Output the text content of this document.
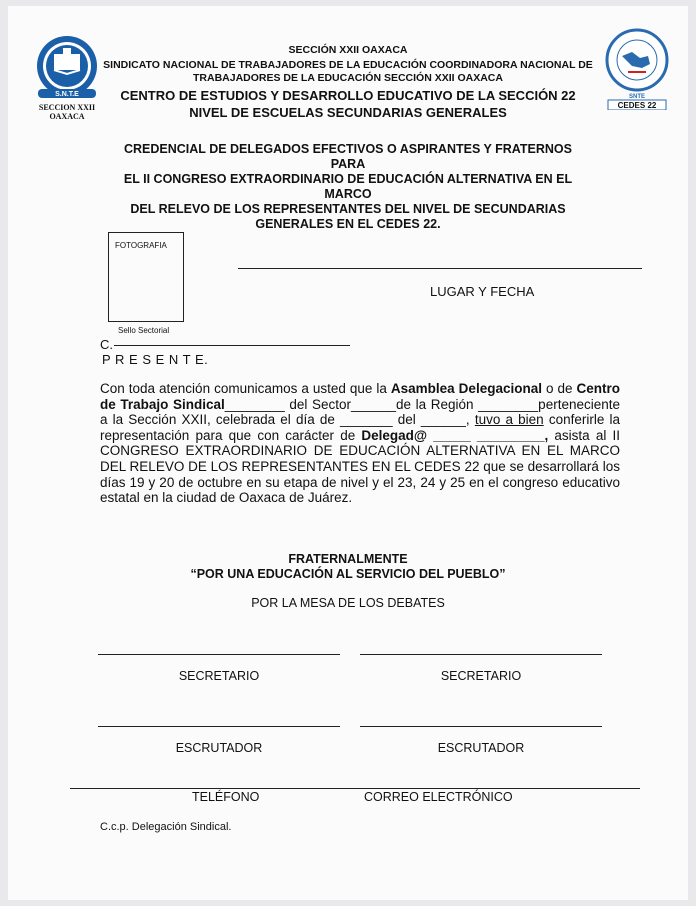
S.N.T.E
SECCION XXII
OAXACA
SNTE
CEDES 22
SECCIÓN XXII OAXACA
SINDICATO NACIONAL DE TRABAJADORES DE LA EDUCACIÓN COORDINADORA NACIONAL DE
TRABAJADORES DE LA EDUCACIÓN SECCIÓN XXII OAXACA
CENTRO DE ESTUDIOS Y DESARROLLO EDUCATIVO DE LA SECCIÓN 22
NIVEL DE ESCUELAS SECUNDARIAS GENERALES
CREDENCIAL DE DELEGADOS EFECTIVOS O ASPIRANTES Y FRATERNOS PARA
EL II CONGRESO EXTRAORDINARIO DE EDUCACIÓN ALTERNATIVA EN EL MARCO
DEL RELEVO DE LOS REPRESENTANTES DEL NIVEL DE SECUNDARIAS
GENERALES EN EL CEDES 22.
FOTOGRAFIA
LUGAR Y FECHA
Sello Sectorial
C.
P R E S E N T E.
Con toda atención comunicamos a usted que la Asamblea Delegacional o de Centro de Trabajo Sindical________ del Sector______de la Región ________perteneciente a la Sección XXII, celebrada el día de _______ del ______, tuvo a bien conferirle la representación para que con carácter de Delegad@ _____ _________, asista al II CONGRESO EXTRAORDINARIO DE EDUCACIÓN ALTERNATIVA EN EL MARCO DEL RELEVO DE LOS REPRESENTANTES EN EL CEDES 22 que se desarrollará los días 19 y 20 de octubre en su etapa de nivel y el 23, 24 y 25 en el congreso educativo estatal en la ciudad de Oaxaca de Juárez.
FRATERNALMENTE
“POR UNA EDUCACIÓN AL SERVICIO DEL PUEBLO”
POR LA MESA DE LOS DEBATES
SECRETARIO	SECRETARIO
ESCRUTADOR	ESCRUTADOR
TELÉFONO	CORREO ELECTRÓNICO
C.c.p. Delegación Sindical.
